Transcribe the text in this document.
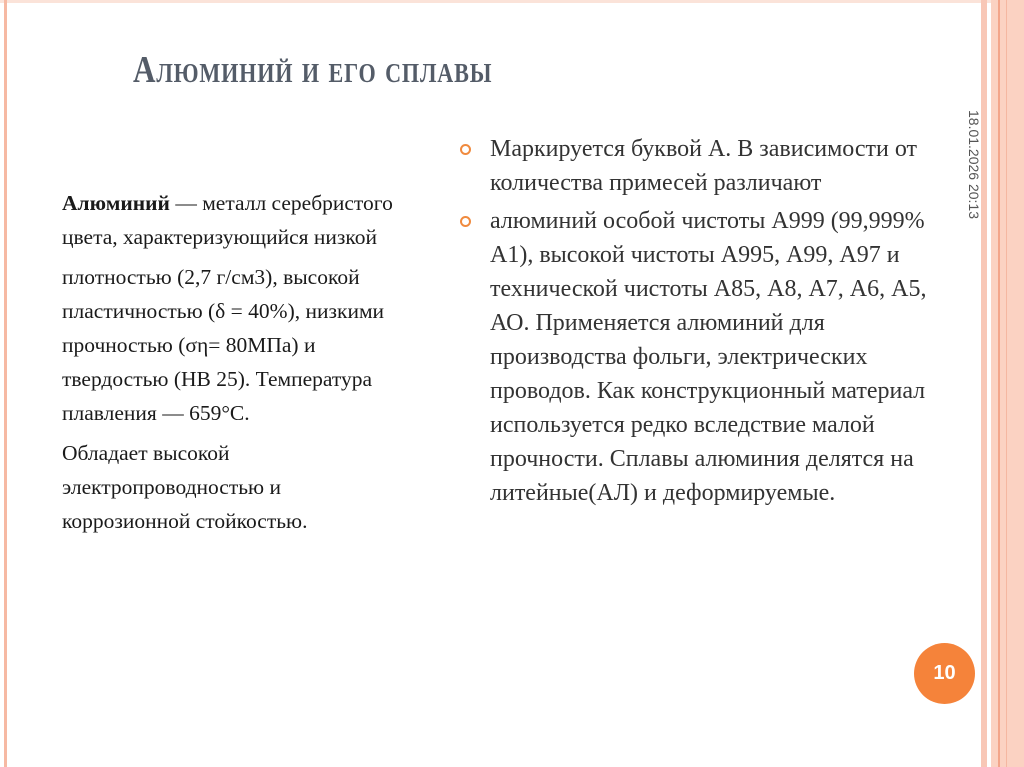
Алюминий и его сплавы
18.01.2026 20:13

Алюминий — металл серебристого цвета, характеризующийся низкой

плотностью (2,7 г/см3), высокой пластичностью (δ = 40%), низкими прочностью (ση= 80МПа) и твердостью (HB 25). Температура плавления — 659°С.

Обладает высокой электропроводностью и коррозионной стойкостью.

Маркируется буквой А. В зависимости от количества примесей различают
алюминий особой чистоты А999 (99,999% А1), высокой чистоты А995, А99, А97 и технической чистоты А85, А8, А7, А6, А5, АО. Применяется алюминий для производства фольги, электрических проводов. Как конструкционный материал используется редко вследствие малой прочности. Сплавы алюминия делятся на литейные(АЛ) и деформируемые.
10
